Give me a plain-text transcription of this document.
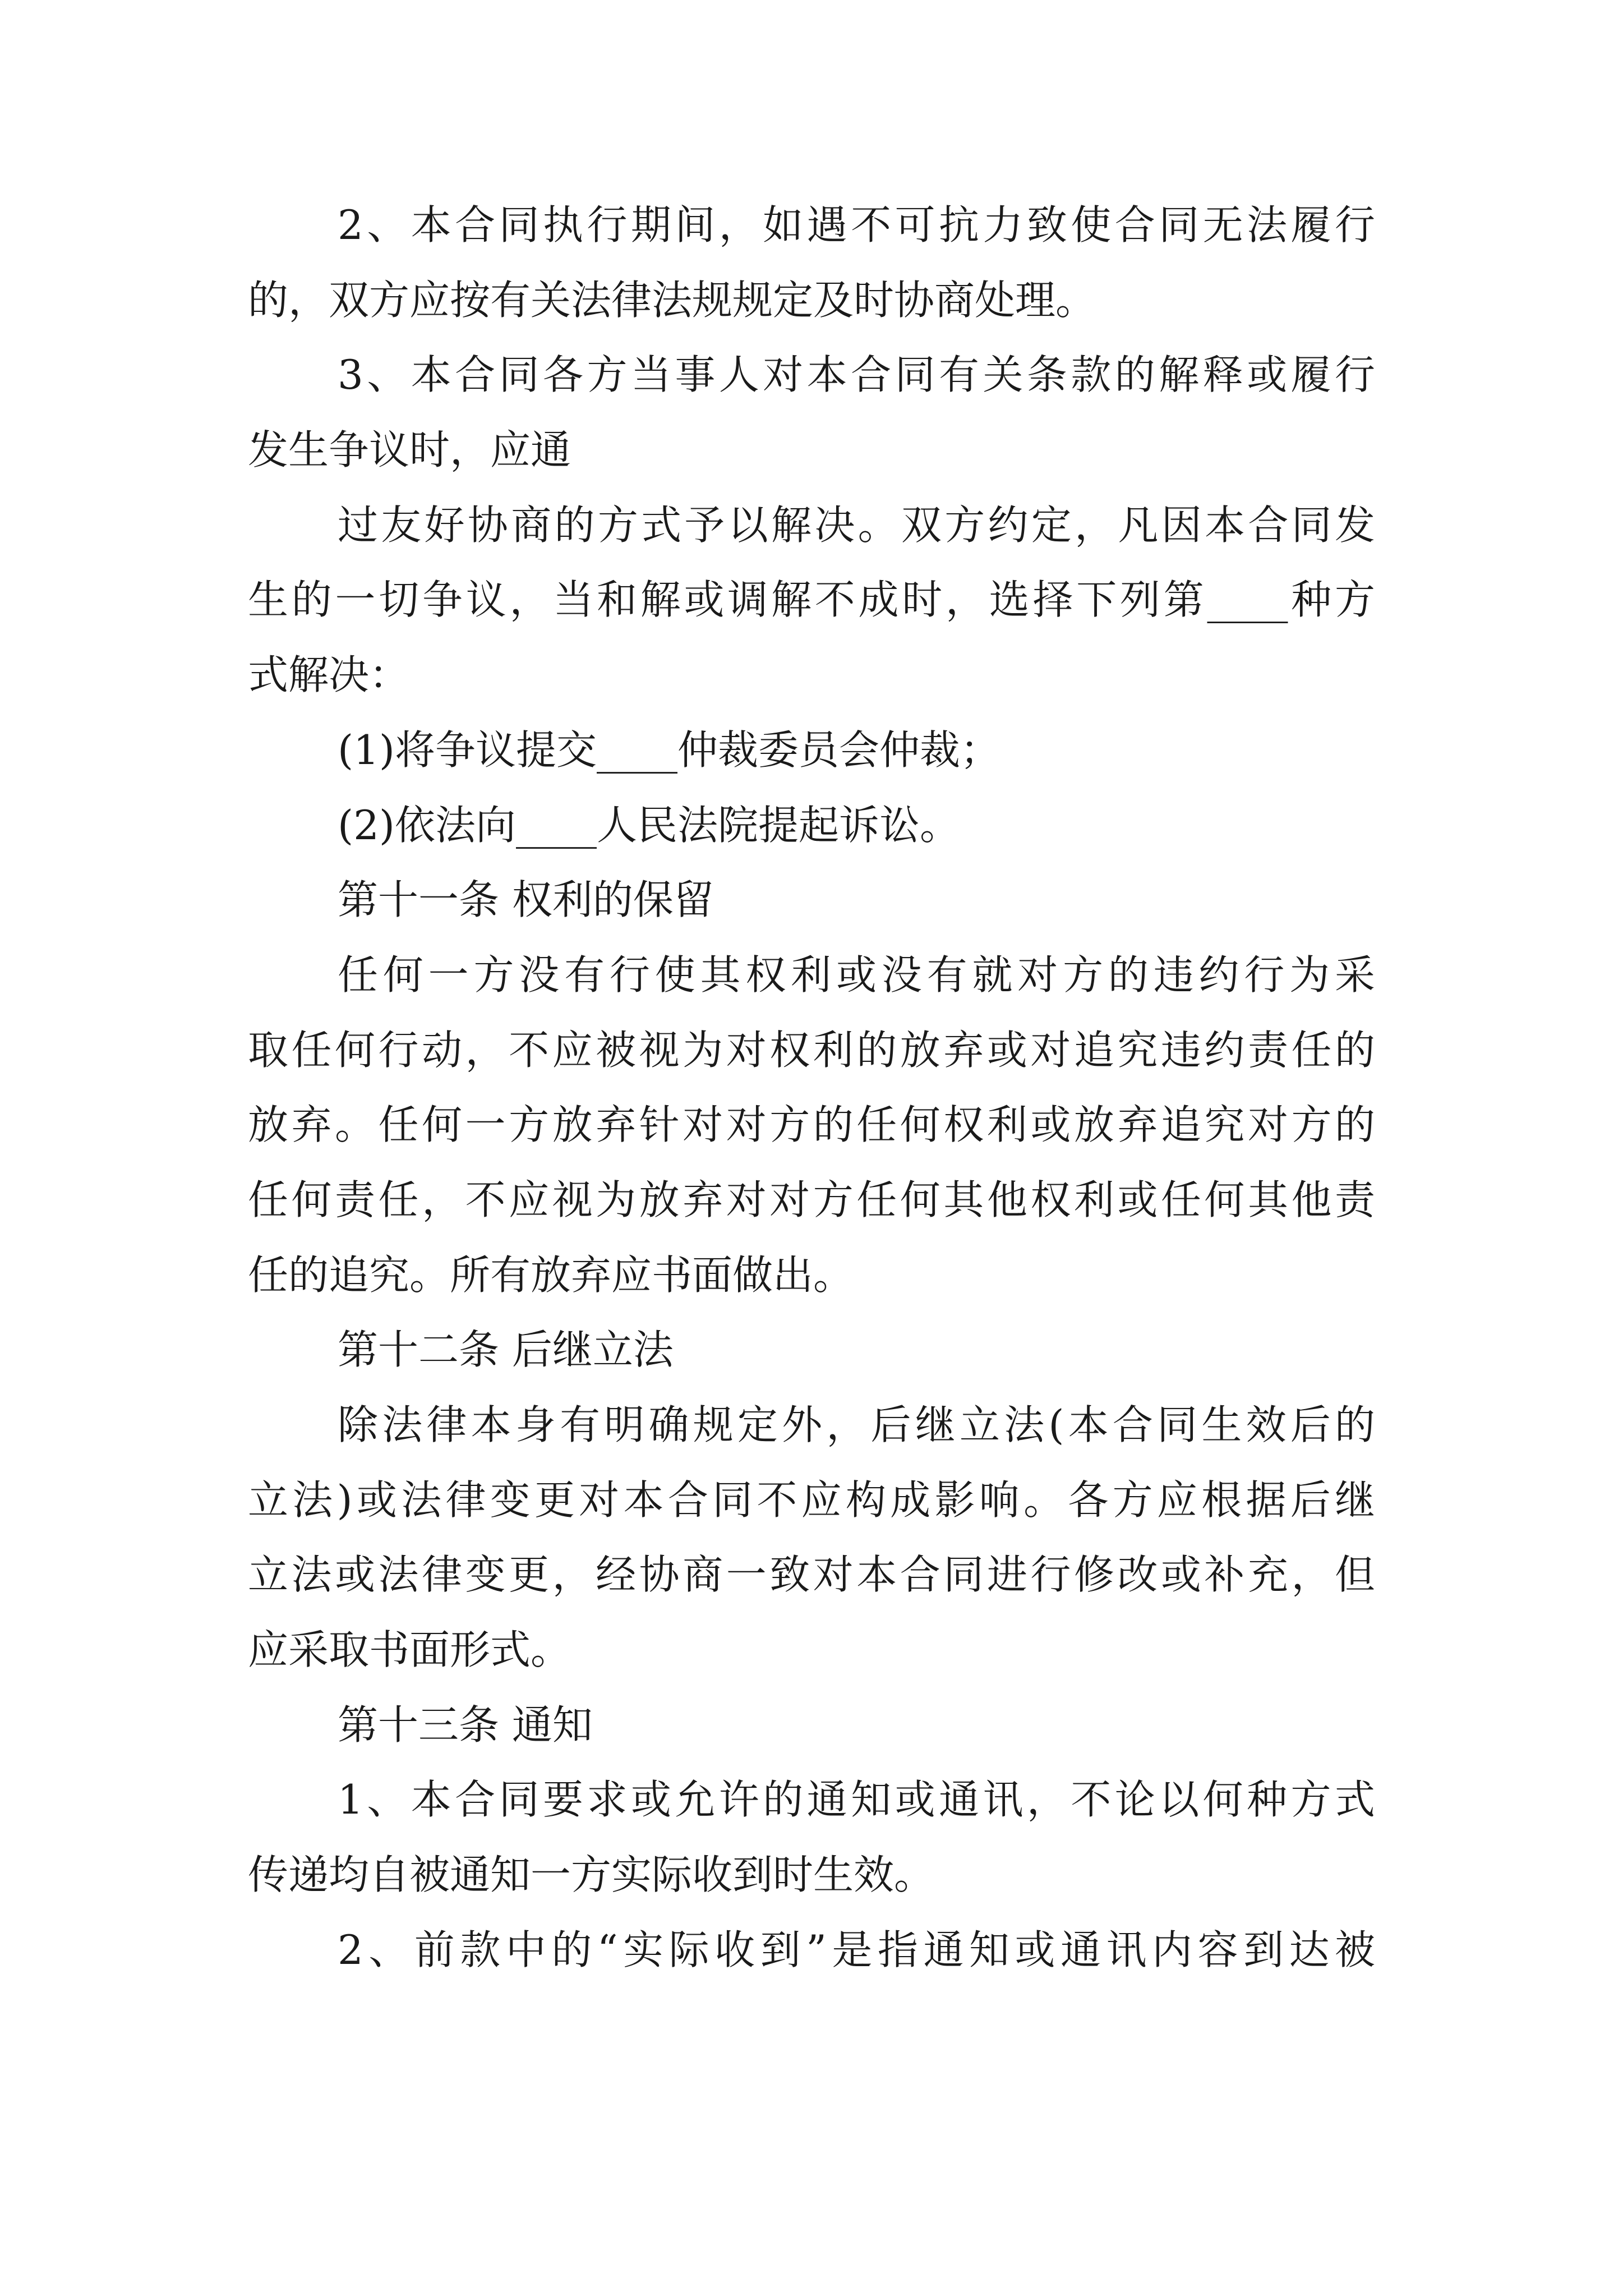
2、本合同执行期间，如遇不可抗力致使合同无法履行
的，双方应按有关法律法规规定及时协商处理。
3、本合同各方当事人对本合同有关条款的解释或履行
发生争议时，应通
过友好协商的方式予以解决。双方约定，凡因本合同发
生的一切争议，当和解或调解不成时，选择下列第____种方
式解决：
(1)将争议提交____仲裁委员会仲裁；
(2)依法向____人民法院提起诉讼。
第十一条 权利的保留
任何一方没有行使其权利或没有就对方的违约行为采
取任何行动，不应被视为对权利的放弃或对追究违约责任的
放弃。任何一方放弃针对对方的任何权利或放弃追究对方的
任何责任，不应视为放弃对对方任何其他权利或任何其他责
任的追究。所有放弃应书面做出。
第十二条 后继立法
除法律本身有明确规定外，后继立法(本合同生效后的
立法)或法律变更对本合同不应构成影响。各方应根据后继
立法或法律变更，经协商一致对本合同进行修改或补充，但
应采取书面形式。
第十三条 通知
1、本合同要求或允许的通知或通讯，不论以何种方式
传递均自被通知一方实际收到时生效。
2、前款中的“实际收到”是指通知或通讯内容到达被
